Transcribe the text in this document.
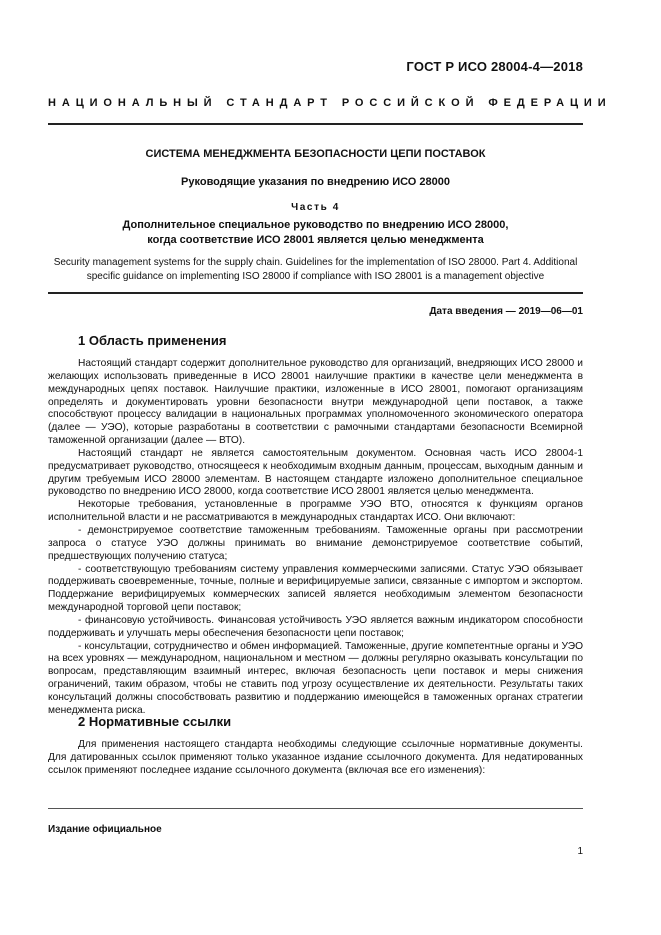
ГОСТ Р ИСО 28004-4—2018
НАЦИОНАЛЬНЫЙ СТАНДАРТ РОССИЙСКОЙ ФЕДЕРАЦИИ
СИСТЕМА МЕНЕДЖМЕНТА БЕЗОПАСНОСТИ ЦЕПИ ПОСТАВОК
Руководящие указания по внедрению ИСО 28000
Часть 4
Дополнительное специальное руководство по внедрению ИСО 28000,
когда соответствие ИСО 28001 является целью менеджмента
Security management systems for the supply chain. Guidelines for the implementation of ISO 28000. Part 4. Additional
specific guidance on implementing ISO 28000 if compliance with ISO 28001 is a management objective
Дата введения — 2019—06—01
1 Область применения

Настоящий стандарт содержит дополнительное руководство для организаций, внедряющих ИСО 28000 и желающих использовать приведенные в ИСО 28001 наилучшие практики в качестве цели менеджмента в международных цепях поставок. Наилучшие практики, изложенные в ИСО 28001, помогают организациям определять и документировать уровни безопасности внутри международной цепи поставок, а также способствуют процессу валидации в национальных программах уполномоченного экономического оператора (далее — УЭО), которые разработаны в соответствии с рамочными стандартами безопасности Всемирной таможенной организации (далее — ВТО).

Настоящий стандарт не является самостоятельным документом. Основная часть ИСО 28004-1 предусматривает руководство, относящееся к необходимым входным данным, процессам, выходным данным и другим требуемым ИСО 28000 элементам. В настоящем стандарте изложено дополнительное специальное руководство по внедрению ИСО 28000, когда соответствие ИСО 28001 является целью менеджмента.

Некоторые требования, установленные в программе УЭО ВТО, относятся к функциям органов исполнительной власти и не рассматриваются в международных стандартах ИСО. Они включают:

- демонстрируемое соответствие таможенным требованиям. Таможенные органы при рассмотрении запроса о статусе УЭО должны принимать во внимание демонстрируемое соответствие событий, предшествующих получению статуса;

- соответствующую требованиям систему управления коммерческими записями. Статус УЭО обязывает поддерживать своевременные, точные, полные и верифицируемые записи, связанные с импортом и экспортом. Поддержание верифицируемых коммерческих записей является необходимым элементом безопасности международной торговой цепи поставок;

- финансовую устойчивость. Финансовая устойчивость УЭО является важным индикатором способности поддерживать и улучшать меры обеспечения безопасности цепи поставок;

- консультации, сотрудничество и обмен информацией. Таможенные, другие компетентные органы и УЭО на всех уровнях — международном, национальном и местном — должны регулярно оказывать консультации по вопросам, представляющим взаимный интерес, включая безопасность цепи поставок и меры снижения ограничений, таким образом, чтобы не ставить под угрозу осуществление их деятельности. Результаты таких консультаций должны способствовать развитию и поддержанию имеющейся в таможенных органах стратегии менеджмента риска.

2 Нормативные ссылки

Для применения настоящего стандарта необходимы следующие ссылочные нормативные документы. Для датированных ссылок применяют только указанное издание ссылочного документа. Для недатированных ссылок применяют последнее издание ссылочного документа (включая все его изменения):

Издание официальное
1
